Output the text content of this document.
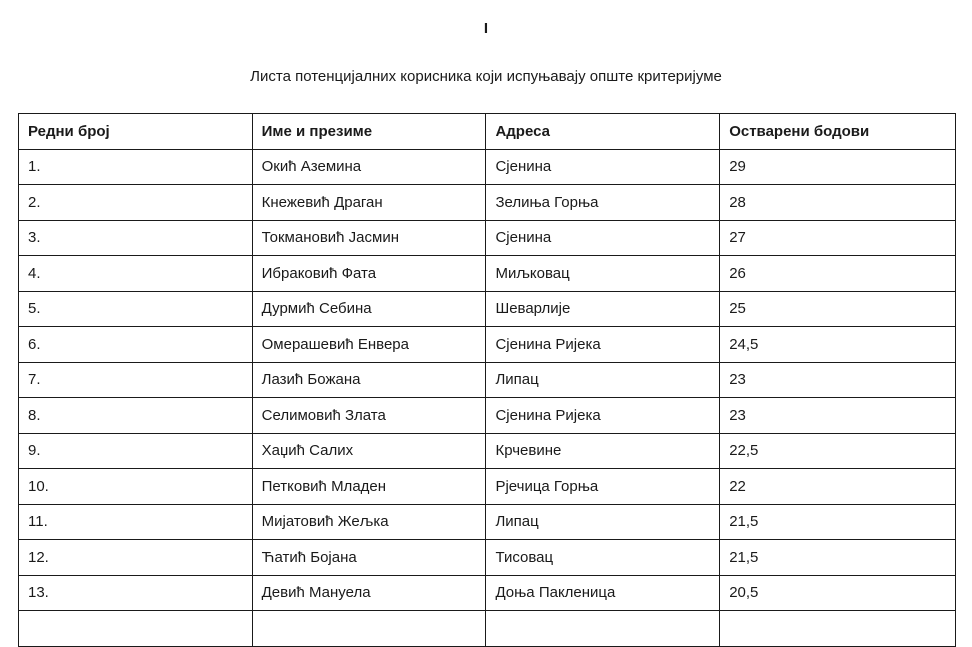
I
Листа потенцијалних корисника који испуњавају опште критеријуме
Редни број	Име и презиме	Адреса	Остварени бодови
1.	Окић Аземина	Сјенина	29
2.	Кнежевић Драган	Зелиња Горња	28
3.	Токмановић Јасмин	Сјенина	27
4.	Ибраковић Фата	Миљковац	26
5.	Дурмић Себина	Шеварлије	25
6.	Омерашевић Енвера	Сјенина Ријека	24,5
7.	Лазић Божана	Липац	23
8.	Селимовић Злата	Сјенина Ријека	23
9.	Хаџић Салих	Крчевине	22,5
10.	Петковић Младен	Рјечица Горња	22
11.	Мијатовић Жељка	Липац	21,5
12.	Ћатић Бојана	Тисовац	21,5
13.	Девић Мануела	Доња Пакленица	20,5
